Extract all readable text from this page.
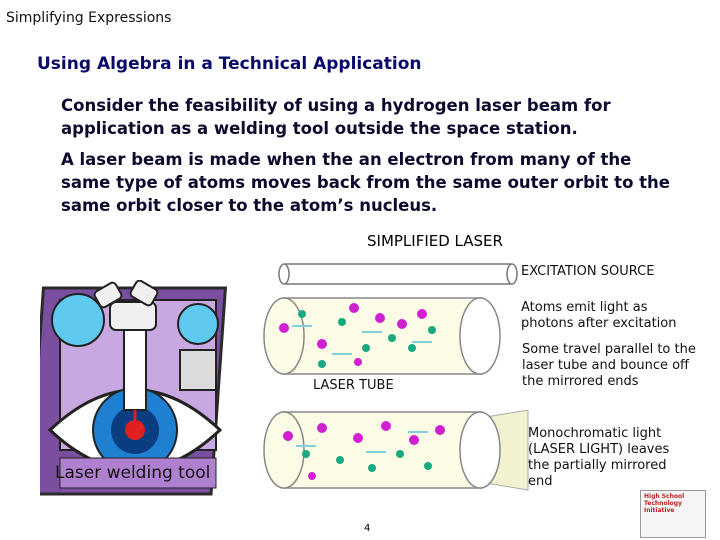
Simplifying Expressions
Using Algebra in a Technical Application
Consider the feasibility of using a hydrogen laser beam for application as a welding tool outside the space station.
A laser beam is made when the an electron from many of the same type of atoms moves back from the same outer orbit to the same orbit closer to the atom’s nucleus.
SIMPLIFIED LASER
EXCITATION SOURCE
Atoms emit light as photons after excitation
Some travel parallel to the laser tube and bounce off the mirrored ends
LASER TUBE
Monochromatic light (LASER LIGHT) leaves the partially mirrored end
Laser welding tool
4
High School Technology Initiative
